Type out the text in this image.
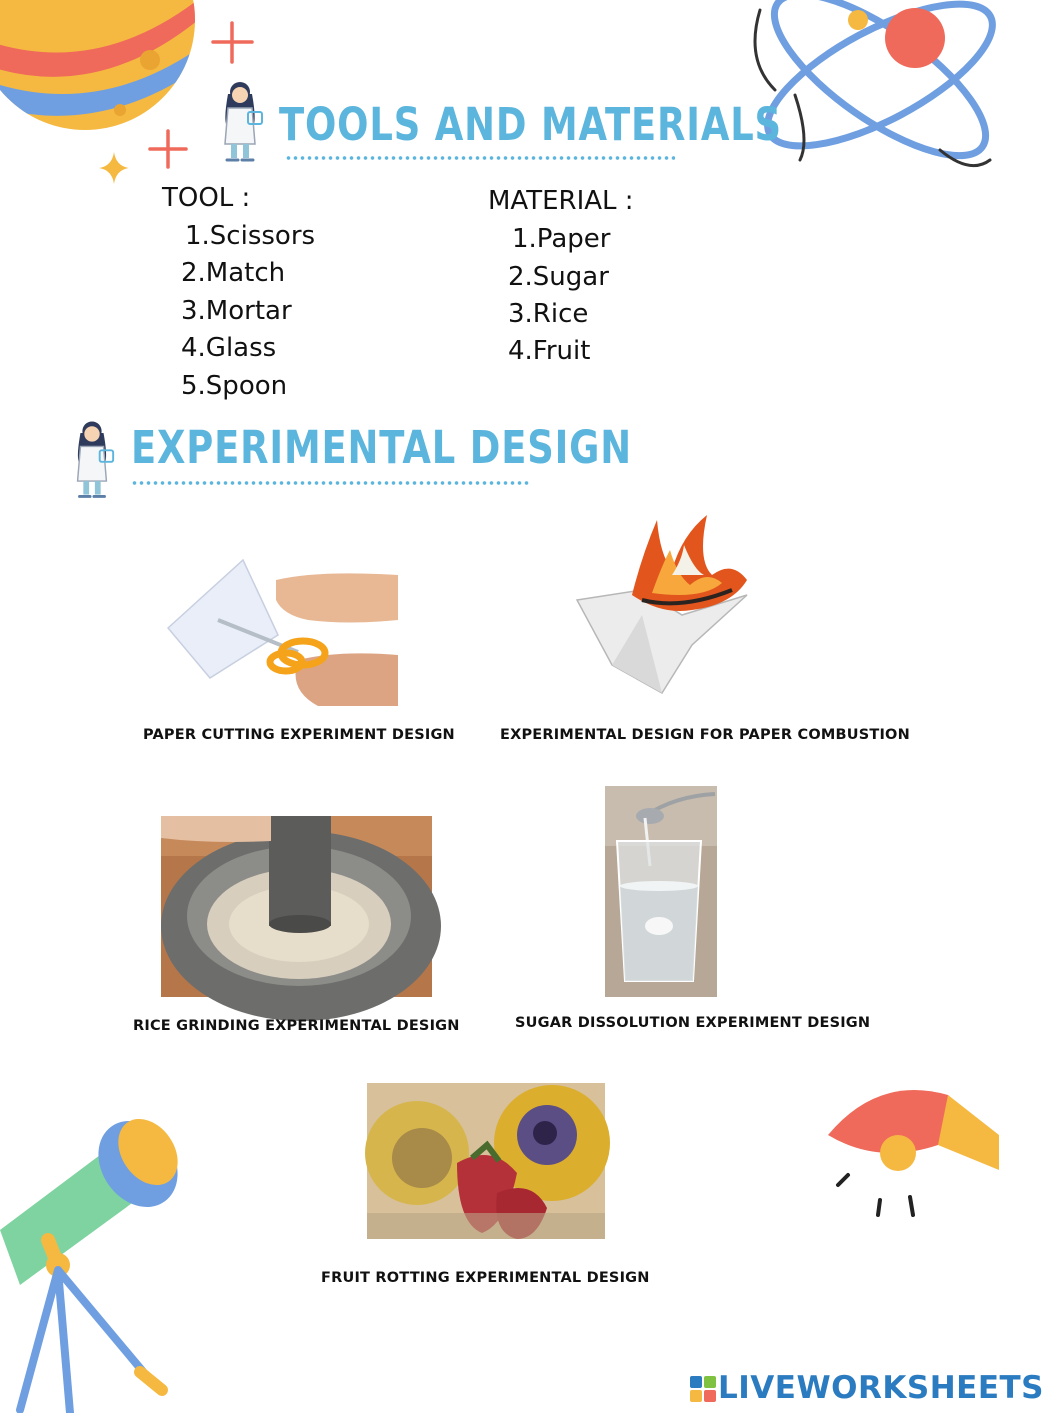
TOOLS AND MATERIALS
TOOL :
1.Scissors
2.Match
3.Mortar
4.Glass
5.Spoon
MATERIAL :
1.Paper
2.Sugar
3.Rice
4.Fruit
EXPERIMENTAL DESIGN
PAPER CUTTING EXPERIMENT DESIGN	EXPERIMENTAL DESIGN FOR PAPER COMBUSTION
RICE GRINDING EXPERIMENTAL DESIGN	SUGAR DISSOLUTION EXPERIMENT DESIGN
FRUIT ROTTING EXPERIMENTAL DESIGN
LIVEWORKSHEETS
